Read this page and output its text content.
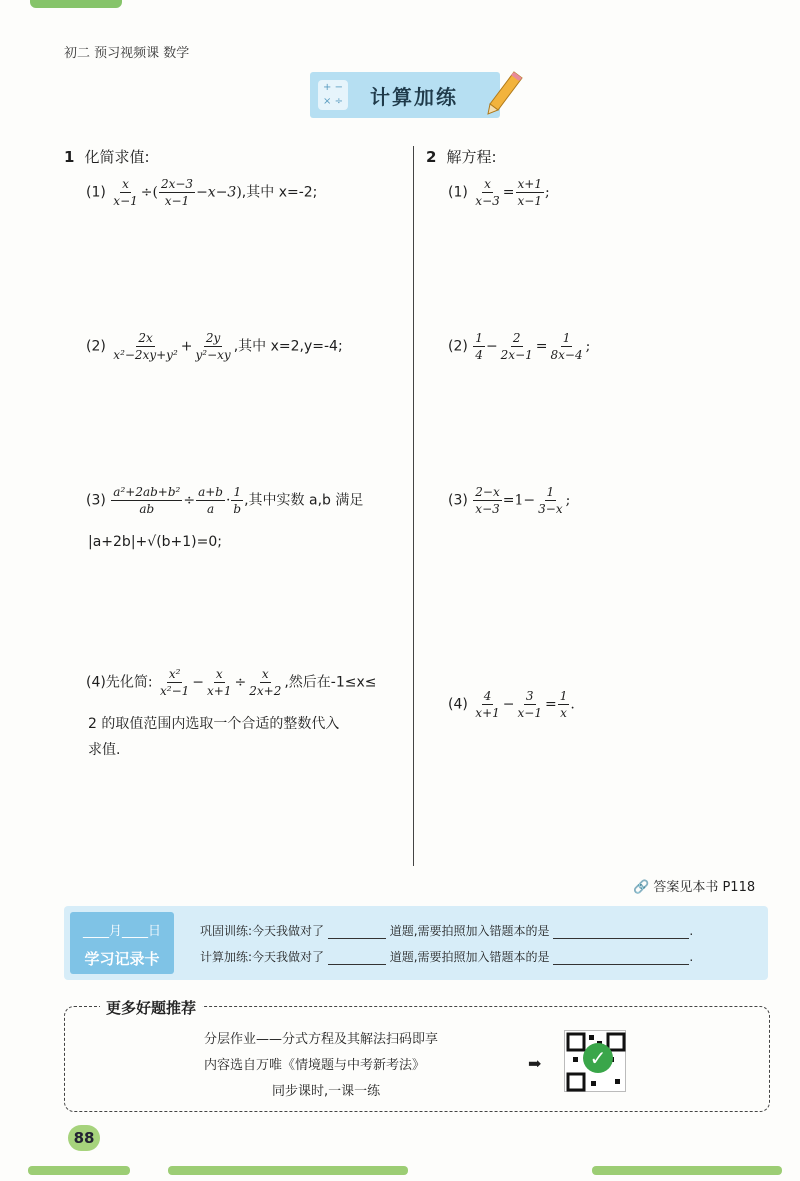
初二 预习视频课 数学
+ −
× ÷ 计算加练
1 化简求值:
$(1) \frac{x}{x-1}$ ÷( $\frac{2x-3}{x-1} -x-3$),其中 x=-2;
$(2) \frac{2x}{\text{x²−2xy+y²}} + \frac{2y}{\text{y²−xy}}$ ,其中 x=2,y=-4;
$(3) \frac{\text{a²+2ab+b²}}{ab} \div \frac{a+b}{a} \cdot \frac{1}{b}$ ,其中实数 a,b 满足
|a+2b|+√(b+1)=0;
(4)先化简: $\frac{\text{x²}}{\text{x²−1}} - \frac{x}{x+1} \div \frac{x}{2x+2}$ ,然后在-1≤x≤
2 的取值范围内选取一个合适的整数代入
求值.
2 解方程:
$(1) \frac{x}{x-3} = \frac{x+1}{x-1}$ ;
$(2) \frac{1}{4} - \frac{2}{2x-1} = \frac{1}{8x-4}$ ;
$(3) \frac{2-x}{x-3} =1- \frac{1}{3-x}$ ;
$(4) \frac{4}{x+1} - \frac{3}{x-1} = \frac{1}{x}$ .
🔗 答案见本书 P118
____月____日
学习记录卡
巩固训练:今天我做对了	道题,需要拍照加入错题本的是	.
计算加练:今天我做对了	道题,需要拍照加入错题本的是	.
更多好题推荐
分层作业——分式方程及其解法扫码即享
内容选自万唯《情境题与中考新考法》
同步课时,一课一练
➡	✓
88
